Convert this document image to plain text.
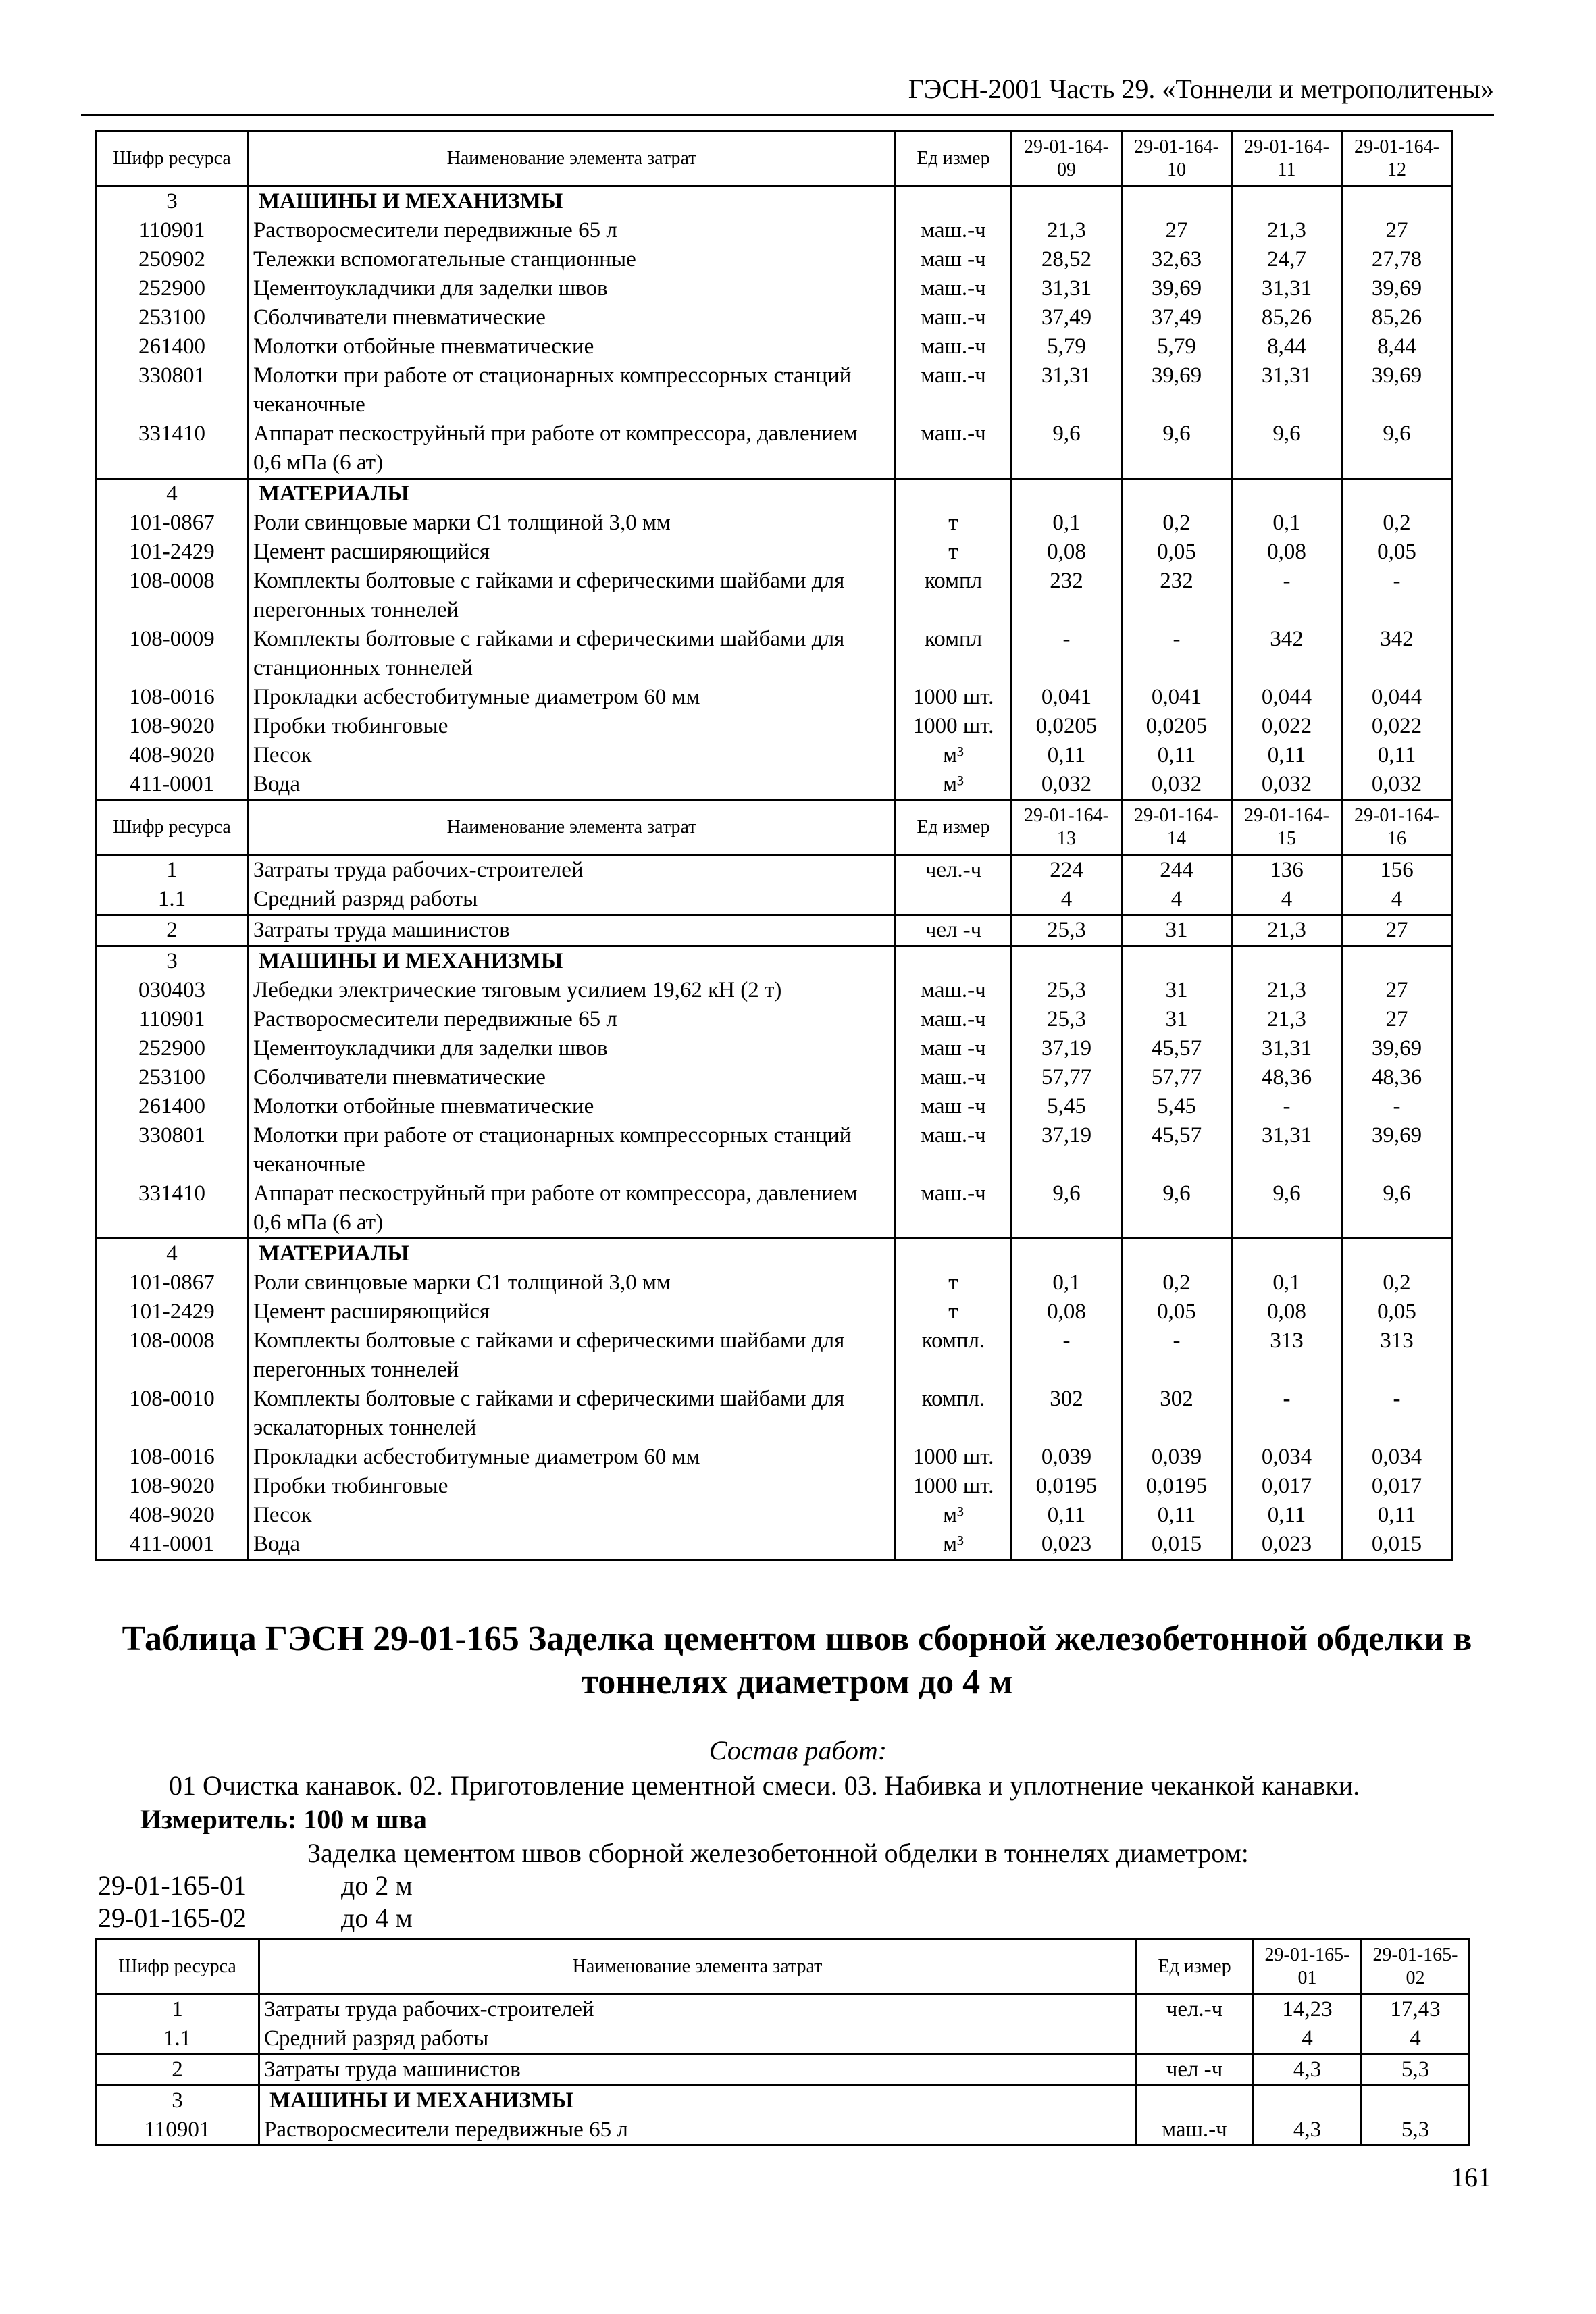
ГЭСН-2001 Часть 29. «Тоннели и метрополитены»
Шифр ресурса	Наименование элемента затрат	Ед измер	29-01-164-09	29-01-164-10	29-01-164-11	29-01-164-12
3	МАШИНЫ И МЕХАНИЗМЫ					
110901	Растворосмесители передвижные 65 л	маш.-ч	21,3	27	21,3	27
250902	Тележки вспомогательные станционные	маш -ч	28,52	32,63	24,7	27,78
252900	Цементоукладчики для заделки швов	маш.-ч	31,31	39,69	31,31	39,69
253100	Сболчиватели пневматические	маш.-ч	37,49	37,49	85,26	85,26
261400	Молотки отбойные пневматические	маш.-ч	5,79	5,79	8,44	8,44
330801	Молотки при работе от стационарных компрессорных станций чеканочные	маш.-ч	31,31	39,69	31,31	39,69
331410	Аппарат пескоструйный при работе от компрессора, давлением 0,6 мПа (6 ат)	маш.-ч	9,6	9,6	9,6	9,6
4	МАТЕРИАЛЫ					
101-0867	Роли свинцовые марки С1 толщиной 3,0 мм	т	0,1	0,2	0,1	0,2
101-2429	Цемент расширяющийся	т	0,08	0,05	0,08	0,05
108-0008	Комплекты болтовые с гайками и сферическими шайбами для перегонных тоннелей	компл	232	232	-	-
108-0009	Комплекты болтовые с гайками и сферическими шайбами для станционных тоннелей	компл	-	-	342	342
108-0016	Прокладки асбестобитумные диаметром 60 мм	1000 шт.	0,041	0,041	0,044	0,044
108-9020	Пробки тюбинговые	1000 шт.	0,0205	0,0205	0,022	0,022
408-9020	Песок	м³	0,11	0,11	0,11	0,11
411-0001	Вода	м³	0,032	0,032	0,032	0,032
Шифр ресурса	Наименование элемента затрат	Ед измер	29-01-164-13	29-01-164-14	29-01-164-15	29-01-164-16
1	Затраты труда рабочих-строителей	чел.-ч	224	244	136	156
1.1	Средний разряд работы		4	4	4	4
2	Затраты труда машинистов	чел -ч	25,3	31	21,3	27
3	МАШИНЫ И МЕХАНИЗМЫ					
030403	Лебедки электрические тяговым усилием 19,62 кН (2 т)	маш.-ч	25,3	31	21,3	27
110901	Растворосмесители передвижные 65 л	маш.-ч	25,3	31	21,3	27
252900	Цементоукладчики для заделки швов	маш -ч	37,19	45,57	31,31	39,69
253100	Сболчиватели пневматические	маш.-ч	57,77	57,77	48,36	48,36
261400	Молотки отбойные пневматические	маш -ч	5,45	5,45	-	-
330801	Молотки при работе от стационарных компрессорных станций чеканочные	маш.-ч	37,19	45,57	31,31	39,69
331410	Аппарат пескоструйный при работе от компрессора, давлением 0,6 мПа (6 ат)	маш.-ч	9,6	9,6	9,6	9,6
4	МАТЕРИАЛЫ					
101-0867	Роли свинцовые марки С1 толщиной 3,0 мм	т	0,1	0,2	0,1	0,2
101-2429	Цемент расширяющийся	т	0,08	0,05	0,08	0,05
108-0008	Комплекты болтовые с гайками и сферическими шайбами для перегонных тоннелей	компл.	-	-	313	313
108-0010	Комплекты болтовые с гайками и сферическими шайбами для эскалаторных тоннелей	компл.	302	302	-	-
108-0016	Прокладки асбестобитумные диаметром 60 мм	1000 шт.	0,039	0,039	0,034	0,034
108-9020	Пробки тюбинговые	1000 шт.	0,0195	0,0195	0,017	0,017
408-9020	Песок	м³	0,11	0,11	0,11	0,11
411-0001	Вода	м³	0,023	0,015	0,023	0,015
Таблица ГЭСН 29-01-165 Заделка цементом швов сборной железобетонной обделки в тоннелях диаметром до 4 м
Состав работ:
01 Очистка канавок. 02. Приготовление цементной смеси. 03. Набивка и уплотнение чеканкой канавки.
Измеритель: 100 м шва
Заделка цементом швов сборной железобетонной обделки в тоннелях диаметром:
29-01-165-01	до 2 м
29-01-165-02	до 4 м
Шифр ресурса	Наименование элемента затрат	Ед измер	29-01-165-01	29-01-165-02
1	Затраты труда рабочих-строителей	чел.-ч	14,23	17,43
1.1	Средний разряд работы		4	4
2	Затраты труда машинистов	чел -ч	4,3	5,3
3	МАШИНЫ И МЕХАНИЗМЫ			
110901	Растворосмесители передвижные 65 л	маш.-ч	4,3	5,3
161
